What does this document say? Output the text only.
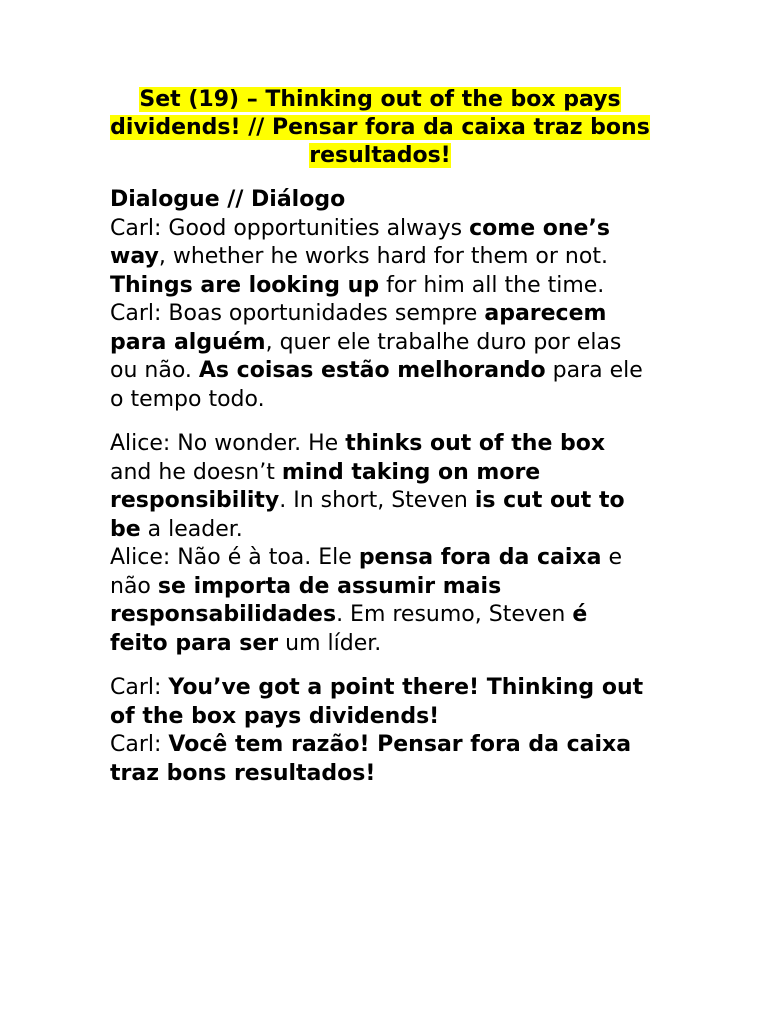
Set (19) – Thinking out of the box pays dividends! // Pensar fora da caixa traz bons resultados!
Dialogue // Diálogo
Carl: Good opportunities always come one’s way, whether he works hard for them or not. Things are looking up for him all the time.
Carl: Boas oportunidades sempre aparecem para alguém, quer ele trabalhe duro por elas ou não. As coisas estão melhorando para ele o tempo todo.
Alice: No wonder. He thinks out of the box and he doesn’t mind taking on more responsibility. In short, Steven is cut out to be a leader.
Alice: Não é à toa. Ele pensa fora da caixa e não se importa de assumir mais responsabilidades. Em resumo, Steven é feito para ser um líder.
Carl: You’ve got a point there! Thinking out of the box pays dividends!
Carl: Você tem razão! Pensar fora da caixa traz bons resultados!
